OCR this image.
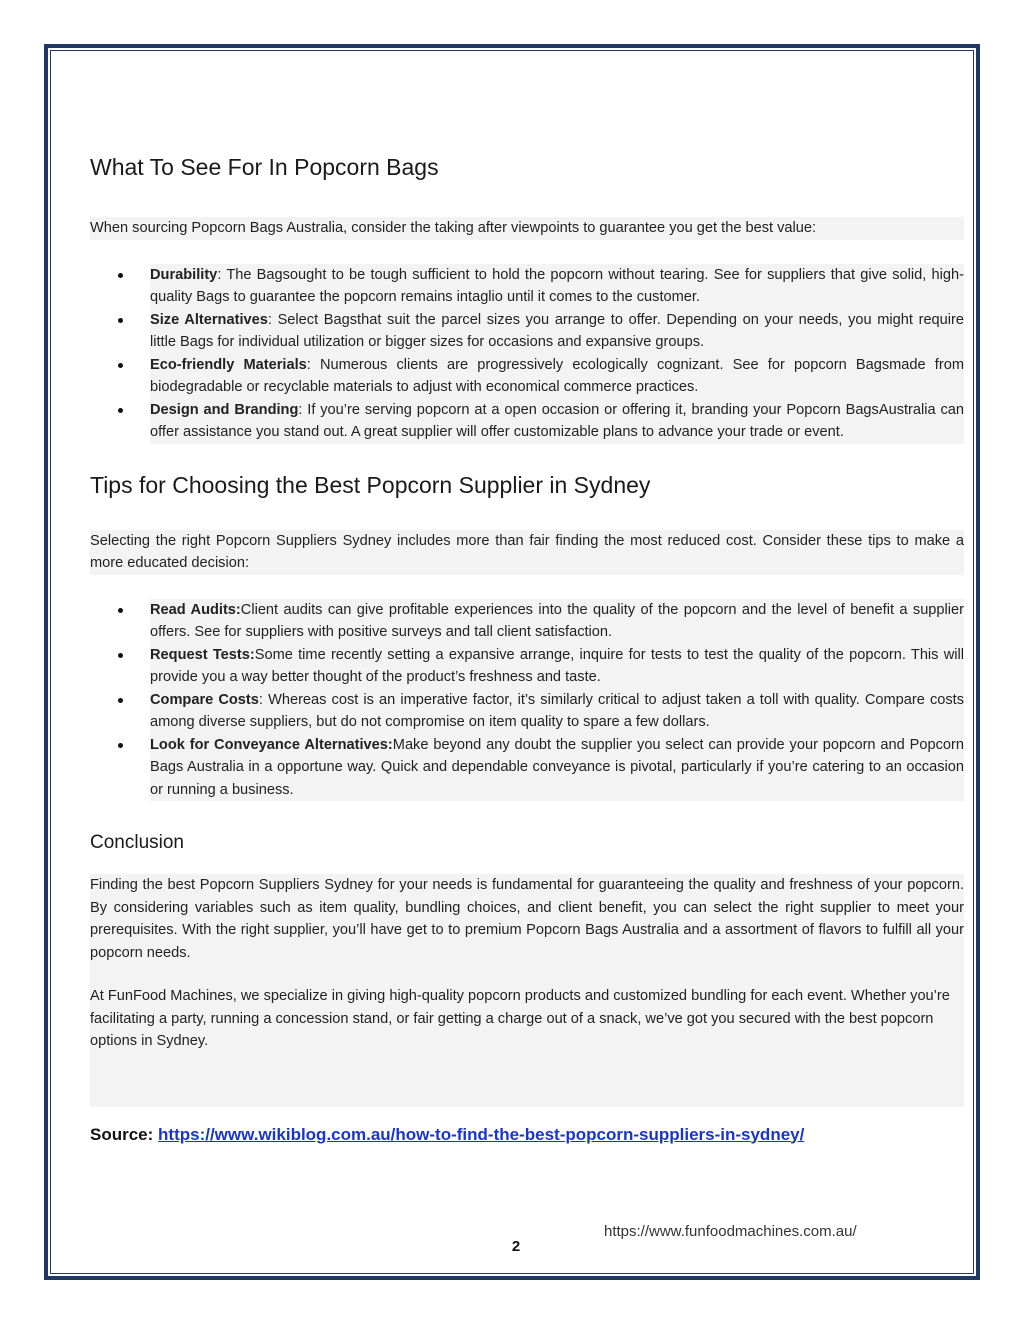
What To See For In Popcorn Bags

When sourcing Popcorn Bags Australia, consider the taking after viewpoints to guarantee you get the best value:

Durability: The Bagsought to be tough sufficient to hold the popcorn without tearing. See for suppliers that give solid, high-quality Bags to guarantee the popcorn remains intaglio until it comes to the customer.
Size Alternatives: Select Bagsthat suit the parcel sizes you arrange to offer. Depending on your needs, you might require little Bags for individual utilization or bigger sizes for occasions and expansive groups.
Eco-friendly Materials: Numerous clients are progressively ecologically cognizant. See for popcorn Bagsmade from biodegradable or recyclable materials to adjust with economical commerce practices.
Design and Branding: If you’re serving popcorn at a open occasion or offering it, branding your Popcorn BagsAustralia can offer assistance you stand out. A great supplier will offer customizable plans to advance your trade or event.
Tips for Choosing the Best Popcorn Supplier in Sydney

Selecting the right Popcorn Suppliers Sydney includes more than fair finding the most reduced cost. Consider these tips to make a more educated decision:

Read Audits:Client audits can give profitable experiences into the quality of the popcorn and the level of benefit a supplier offers. See for suppliers with positive surveys and tall client satisfaction.
Request Tests:Some time recently setting a expansive arrange, inquire for tests to test the quality of the popcorn. This will provide you a way better thought of the product’s freshness and taste.
Compare Costs: Whereas cost is an imperative factor, it’s similarly critical to adjust taken a toll with quality. Compare costs among diverse suppliers, but do not compromise on item quality to spare a few dollars.
Look for Conveyance Alternatives:Make beyond any doubt the supplier you select can provide your popcorn and Popcorn Bags Australia in a opportune way. Quick and dependable conveyance is pivotal, particularly if you’re catering to an occasion or running a business.
Conclusion

Finding the best Popcorn Suppliers Sydney for your needs is fundamental for guaranteeing the quality and freshness of your popcorn. By considering variables such as item quality, bundling choices, and client benefit, you can select the right supplier to meet your prerequisites. With the right supplier, you’ll have get to to premium Popcorn Bags Australia and a assortment of flavors to fulfill all your popcorn needs.

At FunFood Machines, we specialize in giving high-quality popcorn products and customized bundling for each event. Whether you’re facilitating a party, running a concession stand, or fair getting a charge out of a snack, we’ve got you secured with the best popcorn options in Sydney.

Source: https://www.wikiblog.com.au/how-to-find-the-best-popcorn-suppliers-in-sydney/
https://www.funfoodmachines.com.au/
2
